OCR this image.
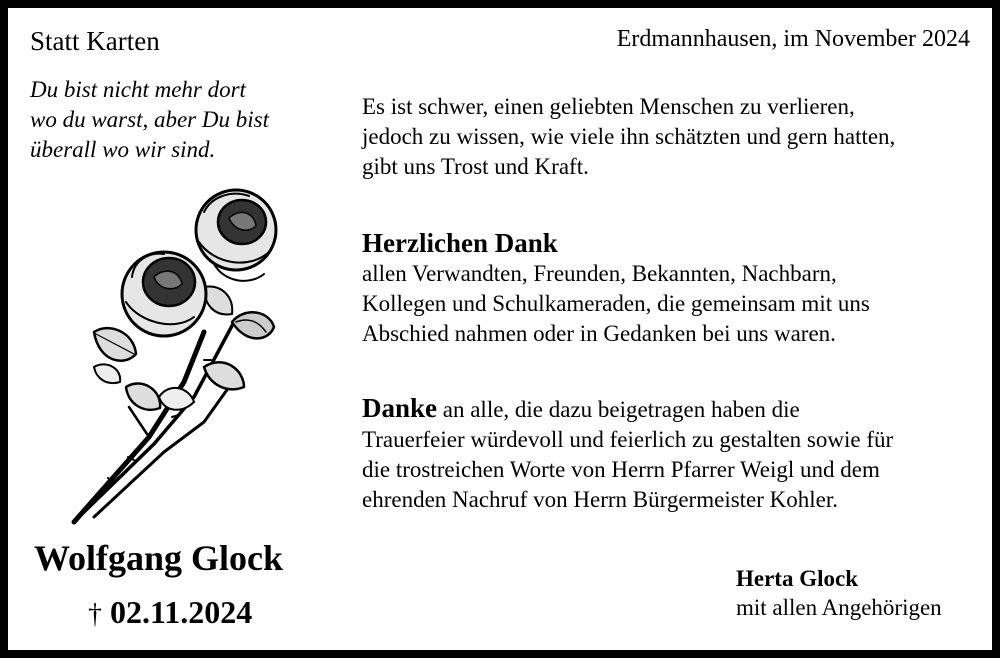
Statt Karten	Erdmannhausen, im November 2024
Du bist nicht mehr dort
wo du warst, aber Du bist
überall wo wir sind.
Wolfgang Glock
† 02.11.2024
Es ist schwer, einen geliebten Menschen zu verlieren,
jedoch zu wissen, wie viele ihn schätzten und gern hatten,
gibt uns Trost und Kraft.
Herzlichen Dank
allen Verwandten, Freunden, Bekannten, Nachbarn,
Kollegen und Schulkameraden, die gemeinsam mit uns
Abschied nahmen oder in Gedanken bei uns waren.
Danke an alle, die dazu beigetragen haben die
Trauerfeier würdevoll und feierlich zu gestalten sowie für
die trostreichen Worte von Herrn Pfarrer Weigl und dem
ehrenden Nachruf von Herrn Bürgermeister Kohler.
Herta Glock
mit allen Angehörigen
